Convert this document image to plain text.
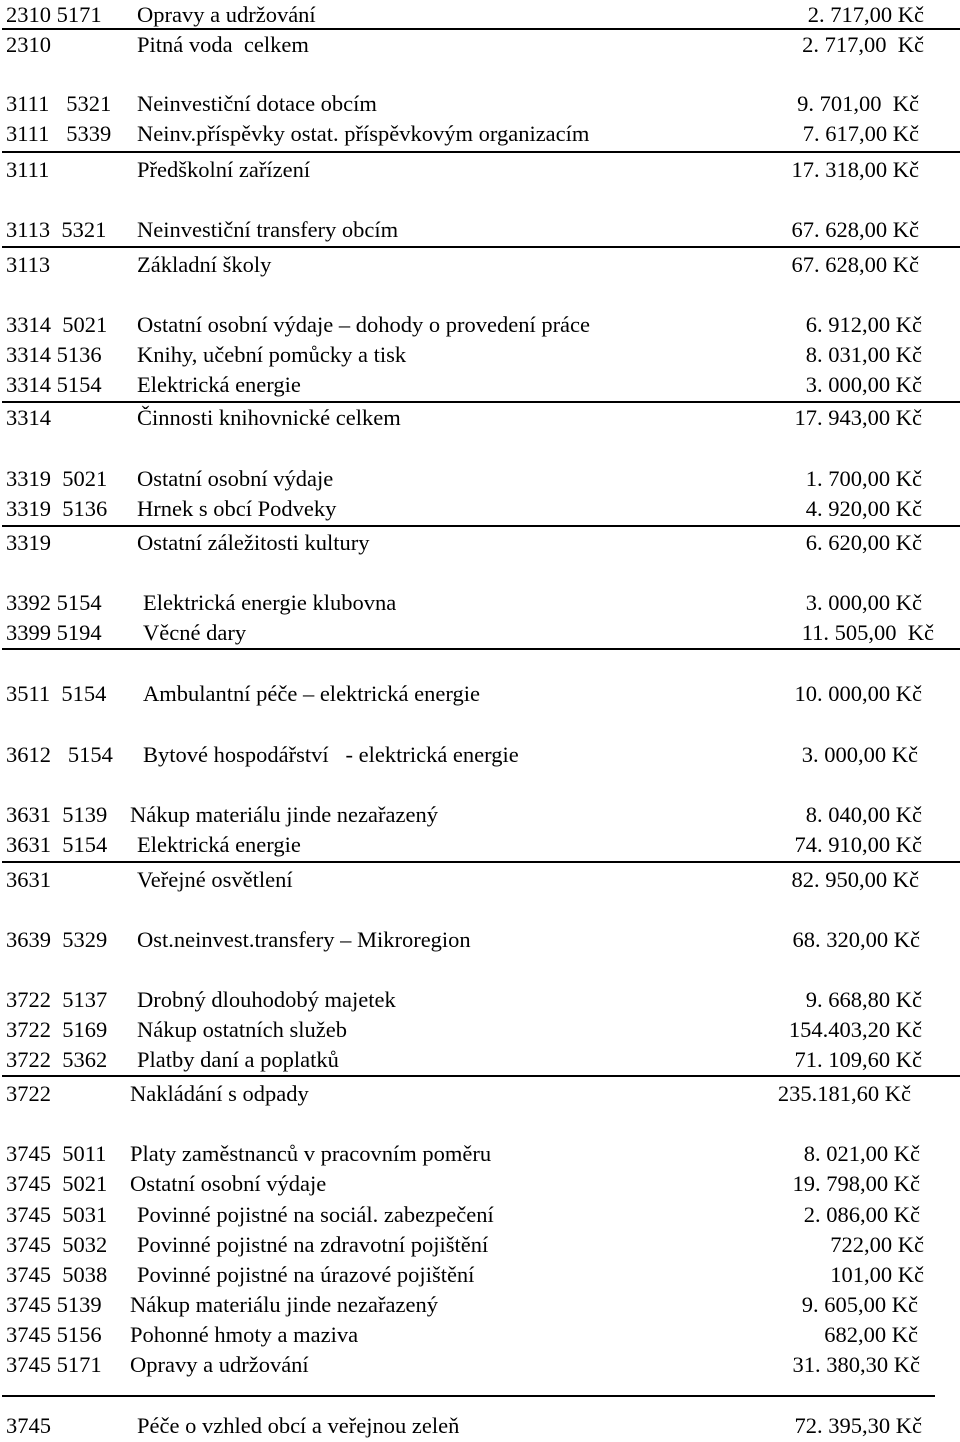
2310 5171 Opravy a udržování	2. 717,00 Kč
2310	Pitná voda  celkem	2. 717,00  Kč
3111   5321 Neinvestiční dotace obcím	9. 701,00  Kč
3111   5339 Neinv.příspěvky ostat. příspěvkovým organizacím	7. 617,00 Kč
3111	Předškolní zařízení	17. 318,00 Kč
3113  5321 Neinvestiční transfery obcím	67. 628,00 Kč
3113	Základní školy	67. 628,00 Kč
3314  5021 Ostatní osobní výdaje – dohody o provedení práce	6. 912,00 Kč
3314 5136 Knihy, učební pomůcky a tisk	8. 031,00 Kč
3314 5154 Elektrická energie	3. 000,00 Kč
3314	Činnosti knihovnické celkem	17. 943,00 Kč
3319  5021 Ostatní osobní výdaje	1. 700,00 Kč
3319  5136 Hrnek s obcí Podveky	4. 920,00 Kč
3319	Ostatní záležitosti kultury	6. 620,00 Kč
3392 5154 Elektrická energie klubovna	3. 000,00 Kč
3399 5194 Věcné dary	11. 505,00  Kč
3511  5154 Ambulantní péče – elektrická energie	10. 000,00 Kč
3612   5154 Bytové hospodářství   - elektrická energie	3. 000,00 Kč
3631  5139 Nákup materiálu jinde nezařazený	8. 040,00 Kč
3631  5154 Elektrická energie	74. 910,00 Kč
3631	Veřejné osvětlení	82. 950,00 Kč
3639  5329 Ost.neinvest.transfery – Mikroregion	68. 320,00 Kč
3722  5137 Drobný dlouhodobý majetek	9. 668,80 Kč
3722  5169 Nákup ostatních služeb	154.403,20 Kč
3722  5362 Platby daní a poplatků	71. 109,60 Kč
3722	Nakládání s odpady	235.181,60 Kč
3745  5011 Platy zaměstnanců v pracovním poměru	8. 021,00 Kč
3745  5021 Ostatní osobní výdaje	19. 798,00 Kč
3745  5031 Povinné pojistné na sociál. zabezpečení	2. 086,00 Kč
3745  5032 Povinné pojistné na zdravotní pojištění	722,00 Kč
3745  5038 Povinné pojistné na úrazové pojištění	101,00 Kč
3745 5139 Nákup materiálu jinde nezařazený	9. 605,00 Kč
3745 5156 Pohonné hmoty a maziva	682,00 Kč
3745 5171 Opravy a udržování	31. 380,30 Kč
3745	Péče o vzhled obcí a veřejnou zeleň	72. 395,30 Kč
